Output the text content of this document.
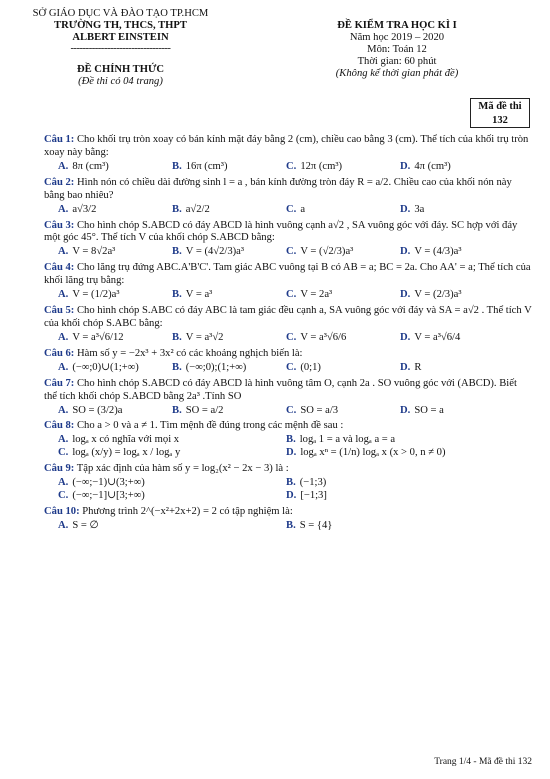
SỞ GIÁO DỤC VÀ ĐÀO TẠO TP.HCM
TRƯỜNG TH, THCS, THPT
ALBERT EINSTEIN
---------------------------------
ĐỀ CHÍNH THỨC
(Đề thi có 04 trang)
ĐỀ KIỂM TRA HỌC KÌ I
Năm học 2019 – 2020
Môn: Toán 12
Thời gian: 60 phút
(Không kể thời gian phát đề)
Mã đề thi
132
Câu 1: Cho khối trụ tròn xoay có bán kính mặt đáy bằng 2 (cm), chiều cao bằng 3 (cm). Thể tích của khối trụ tròn xoay này bằng:
A. 8π (cm³)	B. 16π (cm³)	C. 12π (cm³)	D. 4π (cm³)
Câu 2: Hình nón có chiều dài đường sinh l = a , bán kính đường tròn đáy R = a/2. Chiều cao của khối nón này bằng bao nhiêu?
A. a√3/2	B. a√2/2	C. a	D. 3a
Câu 3: Cho hình chóp S.ABCD có đáy ABCD là hình vuông cạnh a√2 , SA vuông góc với đáy. SC hợp với đáy một góc 45°. Thể tích V của khối chóp S.ABCD bằng:
A. V = 8√2a³	B. V = (4√2/3)a³	C. V = (√2/3)a³	D. V = (4/3)a³
Câu 4: Cho lăng trụ đứng ABC.A'B'C'. Tam giác ABC vuông tại B có AB = a; BC = 2a. Cho AA' = a; Thể tích của khối lăng trụ bằng:
A. V = (1/2)a³	B. V = a³	C. V = 2a³	D. V = (2/3)a³
Câu 5: Cho hình chóp S.ABC có đáy ABC là tam giác đều cạnh a, SA vuông góc với đáy và SA = a√2 . Thể tích V của khối chóp S.ABC bằng:
A. V = a³√6/12	B. V = a³√2	C. V = a³√6/6	D. V = a³√6/4
Câu 6: Hàm số y = −2x³ + 3x² có các khoảng nghịch biến là:
A. (−∞;0)∪(1;+∞)	B. (−∞;0);(1;+∞)	C. (0;1)	D. R
Câu 7: Cho hình chóp S.ABCD có đáy ABCD là hình vuông tâm O, cạnh 2a . SO vuông góc với (ABCD). Biết thể tích khối chóp S.ABCD bằng 2a³ .Tính SO
A. SO = (3/2)a	B. SO = a/2	C. SO = a/3	D. SO = a
Câu 8: Cho a > 0 và a ≠ 1. Tìm mệnh đề đúng trong các mệnh đề sau :
A. logₐ x có nghĩa với mọi x	B. logₐ 1 = a và logₐ a = a
C. logₐ (x/y) = logₐ x / logₐ y	D. logₐ xⁿ = (1/n) logₐ x (x > 0, n ≠ 0)
Câu 9: Tập xác định của hàm số y = log₂(x² − 2x − 3) là :
A. (−∞;−1)∪(3;+∞)	B. (−1;3)
C. (−∞;−1]∪[3;+∞)	D. [−1;3]
Câu 10: Phương trình 2^(−x²+2x+2) = 2 có tập nghiệm là:
A. S = ∅	B. S = {4}
Trang 1/4 - Mã đề thi 132
